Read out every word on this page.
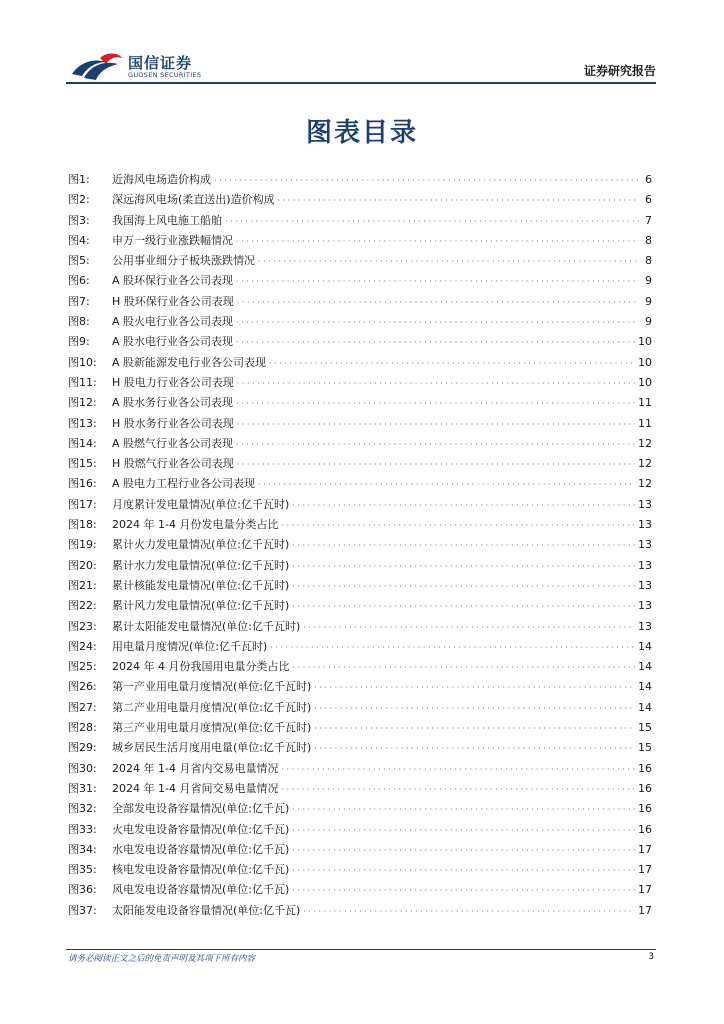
国信证券
GUOSEN SECURITIES	证券研究报告
图表目录
图1:	近海风电场造价构成 · · ·	6
图2:	深远海风电场(柔直送出)造价构成 · · ·	6
图3:	我国海上风电施工船舶 · · ·	7
图4:	申万一级行业涨跌幅情况 · · ·	8
图5:	公用事业细分子板块涨跌情况 · · ·	8
图6:	A 股环保行业各公司表现 · · ·	9
图7:	H 股环保行业各公司表现 · · ·	9
图8:	A 股火电行业各公司表现 · · ·	9
图9:	A 股水电行业各公司表现 · · ·	10
图10:	A 股新能源发电行业各公司表现 · · ·	10
图11:	H 股电力行业各公司表现 · · ·	10
图12:	A 股水务行业各公司表现 · · ·	11
图13:	H 股水务行业各公司表现 · · ·	11
图14:	A 股燃气行业各公司表现 · · ·	12
图15:	H 股燃气行业各公司表现 · · ·	12
图16:	A 股电力工程行业各公司表现 · · ·	12
图17:	月度累计发电量情况(单位:亿千瓦时) · · ·	13
图18:	2024 年 1-4 月份发电量分类占比 · · ·	13
图19:	累计火力发电量情况(单位:亿千瓦时) · · ·	13
图20:	累计水力发电量情况(单位:亿千瓦时) · · ·	13
图21:	累计核能发电量情况(单位:亿千瓦时) · · ·	13
图22:	累计风力发电量情况(单位:亿千瓦时) · · ·	13
图23:	累计太阳能发电量情况(单位:亿千瓦时) · · ·	13
图24:	用电量月度情况(单位:亿千瓦时) · · ·	14
图25:	2024 年 4 月份我国用电量分类占比 · · ·	14
图26:	第一产业用电量月度情况(单位:亿千瓦时) · · ·	14
图27:	第二产业用电量月度情况(单位:亿千瓦时) · · ·	14
图28:	第三产业用电量月度情况(单位:亿千瓦时) · · ·	15
图29:	城乡居民生活月度用电量(单位:亿千瓦时) · · ·	15
图30:	2024 年 1-4 月省内交易电量情况 · · ·	16
图31:	2024 年 1-4 月省间交易电量情况 · · ·	16
图32:	全部发电设备容量情况(单位:亿千瓦) · · ·	16
图33:	火电发电设备容量情况(单位:亿千瓦) · · ·	16
图34:	水电发电设备容量情况(单位:亿千瓦) · · ·	17
图35:	核电发电设备容量情况(单位:亿千瓦) · · ·	17
图36:	风电发电设备容量情况(单位:亿千瓦) · · ·	17
图37:	太阳能发电设备容量情况(单位:亿千瓦) · · ·	17
请务必阅读正文之后的免责声明及其项下所有内容	3
